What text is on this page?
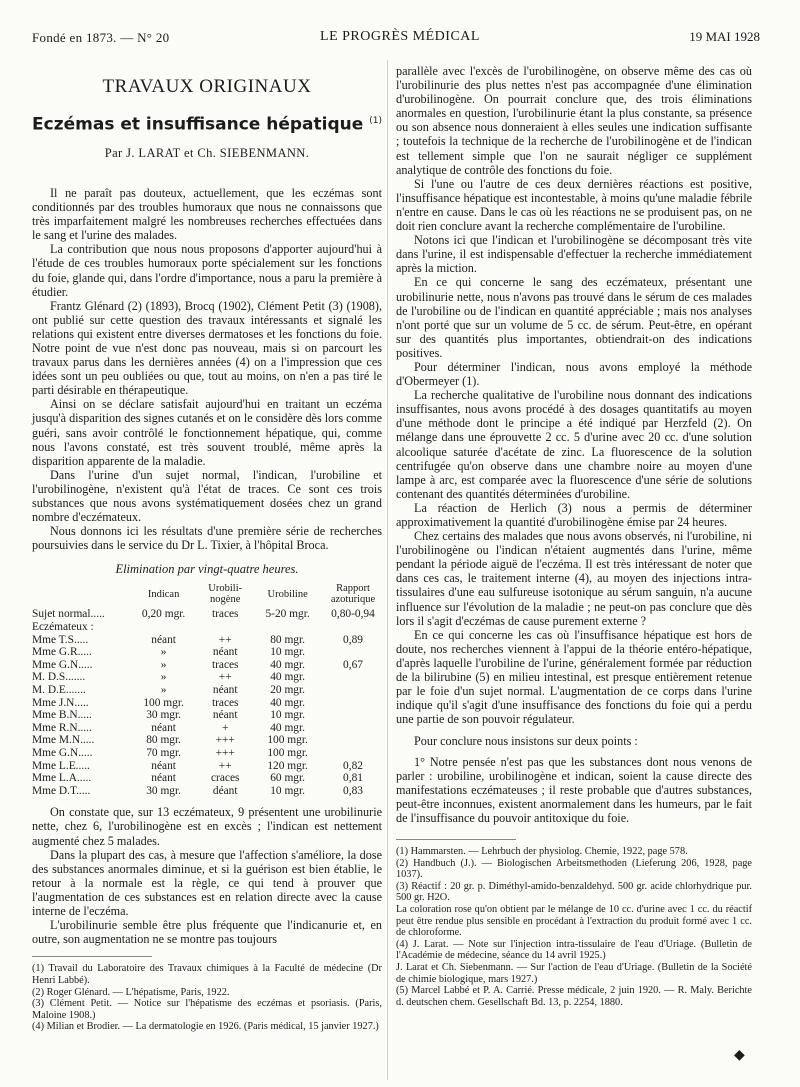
Fondé en 1873. — N° 20	LE PROGRÈS MÉDICAL	19 MAI 1928
TRAVAUX ORIGINAUX
Eczémas et insuffisance hépatique $^{(1)}$
Par J. LARAT et Ch. SIEBENMANN.

Il ne paraît pas douteux, actuellement, que les eczémas sont conditionnés par des troubles humoraux que nous ne connaissons que très imparfaitement malgré les nombreuses recherches effectuées dans le sang et l'urine des malades.

La contribution que nous nous proposons d'apporter aujourd'hui à l'étude de ces troubles humoraux porte spécialement sur les fonctions du foie, glande qui, dans l'ordre d'importance, nous a paru la première à étudier.

Frantz Glénard (2) (1893), Brocq (1902), Clément Petit (3) (1908), ont publié sur cette question des travaux intéressants et signalé les relations qui existent entre diverses dermatoses et les fonctions du foie. Notre point de vue n'est donc pas nouveau, mais si on parcourt les travaux parus dans les dernières années (4) on a l'impression que ces idées sont un peu oubliées ou que, tout au moins, on n'en a pas tiré le parti désirable en thérapeutique.

Ainsi on se déclare satisfait aujourd'hui en traitant un eczéma jusqu'à disparition des signes cutanés et on le considère dès lors comme guéri, sans avoir contrôlé le fonctionnement hépatique, qui, comme nous l'avons constaté, est très souvent troublé, même après la disparition apparente de la maladie.

Dans l'urine d'un sujet normal, l'indican, l'urobiline et l'urobilinogène, n'existent qu'à l'état de traces. Ce sont ces trois substances que nous avons systématiquement dosées chez un grand nombre d'eczémateux.

Nous donnons ici les résultats d'une première série de recherches poursuivies dans le service du Dr L. Tixier, à l'hôpital Broca.

Elimination par vingt-quatre heures.
	Indican	Urobili-nogène	Urobiline	Rapport azoturique
Sujet normal.....	0,20 mgr.	traces	5-20 mgr.	0,80-0,94
Eczémateux :				
Mme T.S.....	néant	++	80 mgr.	0,89
Mme G.R.....	»	néant	10 mgr.	
Mme G.N.....	»	traces	40 mgr.	0,67
M. D.S.......	»	++	40 mgr.	
M. D.E.......	»	néant	20 mgr.	
Mme J.N.....	100 mgr.	traces	40 mgr.	
Mme B.N.....	30 mgr.	néant	10 mgr.	
Mme R.N.....	néant	+	40 mgr.	
Mme M.N.....	80 mgr.	+++	100 mgr.	
Mme G.N.....	70 mgr.	+++	100 mgr.	
Mme L.E.....	néant	++	120 mgr.	0,82
Mme L.A.....	néant	craces	60 mgr.	0,81
Mme D.T.....	30 mgr.	déant	10 mgr.	0,83

On constate que, sur 13 eczémateux, 9 présentent une urobilinurie nette, chez 6, l'urobilinogène est en excès ; l'indican est nettement augmenté chez 5 malades.

Dans la plupart des cas, à mesure que l'affection s'améliore, la dose des substances anormales diminue, et si la guérison est bien établie, le retour à la normale est la règle, ce qui tend à prouver que l'augmentation de ces substances est en relation directe avec la cause interne de l'eczéma.

L'urobilinurie semble être plus fréquente que l'indicanurie et, en outre, son augmentation ne se montre pas toujours

(1) Travail du Laboratoire des Travaux chimiques à la Faculté de médecine (Dr Henri Labbé).
(2) Roger Glénard. — L'hépatisme, Paris, 1922.
(3) Clément Petit. — Notice sur l'hépatisme des eczémas et psoriasis. (Paris, Maloine 1908.)
(4) Milian et Brodier. — La dermatologie en 1926. (Paris médical, 15 janvier 1927.)

parallèle avec l'excès de l'urobilinogène, on observe même des cas où l'urobilinurie des plus nettes n'est pas accompagnée d'une élimination d'urobilinogène. On pourrait conclure que, des trois éliminations anormales en question, l'urobilinurie étant la plus constante, sa présence ou son absence nous donneraient à elles seules une indication suffisante ; toutefois la technique de la recherche de l'urobilinogène et de l'indican est tellement simple que l'on ne saurait négliger ce supplément analytique de contrôle des fonctions du foie.

Si l'une ou l'autre de ces deux dernières réactions est positive, l'insuffisance hépatique est incontestable, à moins qu'une maladie fébrile n'entre en cause. Dans le cas où les réactions ne se produisent pas, on ne doit rien conclure avant la recherche complémentaire de l'urobiline.

Notons ici que l'indican et l'urobilinogène se décomposant très vite dans l'urine, il est indispensable d'effectuer la recherche immédiatement après la miction.

En ce qui concerne le sang des eczémateux, présentant une urobilinurie nette, nous n'avons pas trouvé dans le sérum de ces malades de l'urobiline ou de l'indican en quantité appréciable ; mais nos analyses n'ont porté que sur un volume de 5 cc. de sérum. Peut-être, en opérant sur des quantités plus importantes, obtiendrait-on des indications positives.

Pour déterminer l'indican, nous avons employé la méthode d'Obermeyer (1).

La recherche qualitative de l'urobiline nous donnant des indications insuffisantes, nous avons procédé à des dosages quantitatifs au moyen d'une méthode dont le principe a été indiqué par Herzfeld (2). On mélange dans une éprouvette 2 cc. 5 d'urine avec 20 cc. d'une solution alcoolique saturée d'acétate de zinc. La fluorescence de la solution centrifugée qu'on observe dans une chambre noire au moyen d'une lampe à arc, est comparée avec la fluorescence d'une série de solutions contenant des quantités déterminées d'urobiline.

La réaction de Herlich (3) nous a permis de déterminer approximativement la quantité d'urobilinogène émise par 24 heures.

Chez certains des malades que nous avons observés, ni l'urobiline, ni l'urobilinogène ou l'indican n'étaient augmentés dans l'urine, même pendant la période aiguë de l'eczéma. Il est très intéressant de noter que dans ces cas, le traitement interne (4), au moyen des injections intra-tissulaires d'une eau sulfureuse isotonique au sérum sanguin, n'a aucune influence sur l'évolution de la maladie ; ne peut-on pas conclure que dès lors il s'agit d'eczémas de cause purement externe ?

En ce qui concerne les cas où l'insuffisance hépatique est hors de doute, nos recherches viennent à l'appui de la théorie entéro-hépatique, d'après laquelle l'urobiline de l'urine, généralement formée par réduction de la bilirubine (5) en milieu intestinal, est presque entièrement retenue par le foie d'un sujet normal. L'augmentation de ce corps dans l'urine indique qu'il s'agit d'une insuffisance des fonctions du foie qui a perdu une partie de son pouvoir régulateur.

Pour conclure nous insistons sur deux points :

1° Notre pensée n'est pas que les substances dont nous venons de parler : urobiline, urobilinogène et indican, soient la cause directe des manifestations eczémateuses ; il reste probable que d'autres substances, peut-être inconnues, existent anormalement dans les humeurs, par le fait de l'insuffisance du pouvoir antitoxique du foie.

(1) Hammarsten. — Lehrbuch der physiolog. Chemie, 1922, page 578.
(2) Handbuch (J.). — Biologischen Arbeitsmethoden (Lieferung 206, 1928, page 1037).
(3) Réactif : 20 gr. p. Diméthyl-amido-benzaldehyd. 500 gr. acide chlorhydrique pur. 500 gr. H2O.
La coloration rose qu'on obtient par le mélange de 10 cc. d'urine avec 1 cc. du réactif peut être rendue plus sensible en procédant à l'extraction du produit formé avec 1 cc. de chloroforme.
(4) J. Larat. — Note sur l'injection intra-tissulaire de l'eau d'Uriage. (Bulletin de l'Académie de médecine, séance du 14 avril 1925.)
J. Larat et Ch. Siebenmann. — Sur l'action de l'eau d'Uriage. (Bulletin de la Société de chimie biologique, mars 1927.)
(5) Marcel Labbé et P. A. Carrié. Presse médicale, 2 juin 1920. — R. Maly. Berichte d. deutschen chem. Gesellschaft Bd. 13, p. 2254, 1880.
◆
